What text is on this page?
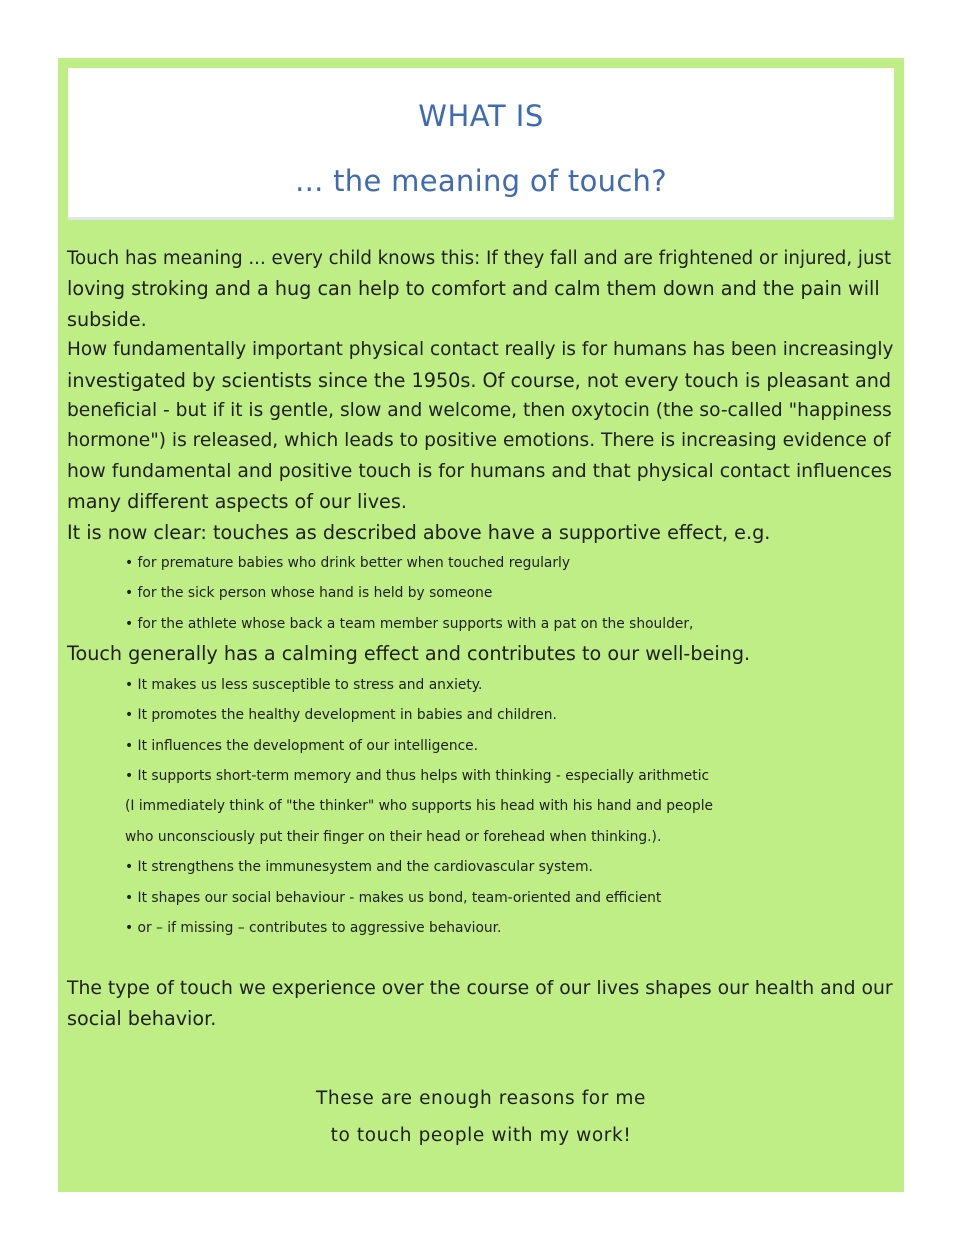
WHAT IS
... the meaning of touch?

Touch has meaning ... every child knows this: If they fall and are frightened or injured, just

loving stroking and a hug can help to comfort and calm them down and the pain will

subside.

How fundamentally important physical contact really is for humans has been increasingly

investigated by scientists since the 1950s. Of course, not every touch is pleasant and

beneficial - but if it is gentle, slow and welcome, then oxytocin (the so-called "happiness

hormone") is released, which leads to positive emotions. There is increasing evidence of

how fundamental and positive touch is for humans and that physical contact influences

many different aspects of our lives.

It is now clear: touches as described above have a supportive effect, e.g.

• for premature babies who drink better when touched regularly

• for the sick person whose hand is held by someone

• for the athlete whose back a team member supports with a pat on the shoulder,

Touch generally has a calming effect and contributes to our well-being.

• It makes us less susceptible to stress and anxiety.

• It promotes the healthy development in babies and children.

• It influences the development of our intelligence.

• It supports short-term memory and thus helps with thinking - especially arithmetic

(I immediately think of "the thinker" who supports his head with his hand and people

who unconsciously put their finger on their head or forehead when thinking.).

• It strengthens the immunesystem and the cardiovascular system.

• It shapes our social behaviour - makes us bond, team-oriented and efficient

• or – if missing – contributes to aggressive behaviour.

The type of touch we experience over the course of our lives shapes our health and our

social behavior.

These are enough reasons for me

to touch people with my work!
